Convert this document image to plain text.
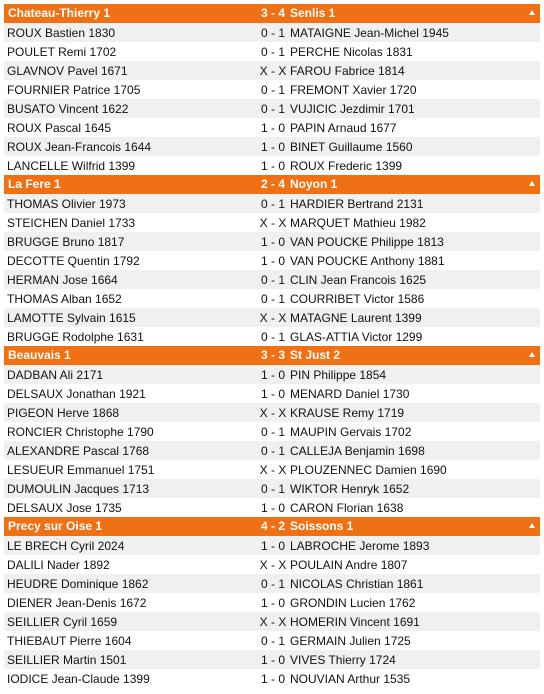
Chateau-Thierry 1	3 - 4 Senlis 1
ROUX Bastien 1830	0 - 1 MATAIGNE Jean-Michel 1945
POULET Remi 1702	0 - 1 PERCHE Nicolas 1831
GLAVNOV Pavel 1671	X - X FAROU Fabrice 1814
FOURNIER Patrice 1705	0 - 1 FREMONT Xavier 1720
BUSATO Vincent 1622	0 - 1 VUJICIC Jezdimir 1701
ROUX Pascal 1645	1 - 0 PAPIN Arnaud 1677
ROUX Jean-Francois 1644	1 - 0 BINET Guillaume 1560
LANCELLE Wilfrid 1399	1 - 0 ROUX Frederic 1399
La Fere 1	2 - 4 Noyon 1
THOMAS Olivier 1973	0 - 1 HARDIER Bertrand 2131
STEICHEN Daniel 1733	X - X MARQUET Mathieu 1982
BRUGGE Bruno 1817	1 - 0 VAN POUCKE Philippe 1813
DECOTTE Quentin 1792	1 - 0 VAN POUCKE Anthony 1881
HERMAN Jose 1664	0 - 1 CLIN Jean Francois 1625
THOMAS Alban 1652	0 - 1 COURRIBET Victor 1586
LAMOTTE Sylvain 1615	X - X MATAGNE Laurent 1399
BRUGGE Rodolphe 1631	0 - 1 GLAS-ATTIA Victor 1299
Beauvais 1	3 - 3 St Just 2
DADBAN Ali 2171	1 - 0 PIN Philippe 1854
DELSAUX Jonathan 1921	1 - 0 MENARD Daniel 1730
PIGEON Herve 1868	X - X KRAUSE Remy 1719
RONCIER Christophe 1790	0 - 1 MAUPIN Gervais 1702
ALEXANDRE Pascal 1768	0 - 1 CALLEJA Benjamin 1698
LESUEUR Emmanuel 1751	X - X PLOUZENNEC Damien 1690
DUMOULIN Jacques 1713	0 - 1 WIKTOR Henryk 1652
DELSAUX Jose 1735	1 - 0 CARON Florian 1638
Precy sur Oise 1	4 - 2 Soissons 1
LE BRECH Cyril 2024	1 - 0 LABROCHE Jerome 1893
DALILI Nader 1892	X - X POULAIN Andre 1807
HEUDRE Dominique 1862	0 - 1 NICOLAS Christian 1861
DIENER Jean-Denis 1672	1 - 0 GRONDIN Lucien 1762
SEILLIER Cyril 1659	X - X HOMERIN Vincent 1691
THIEBAUT Pierre 1604	0 - 1 GERMAIN Julien 1725
SEILLIER Martin 1501	1 - 0 VIVES Thierry 1724
IODICE Jean-Claude 1399	1 - 0 NOUVIAN Arthur 1535
